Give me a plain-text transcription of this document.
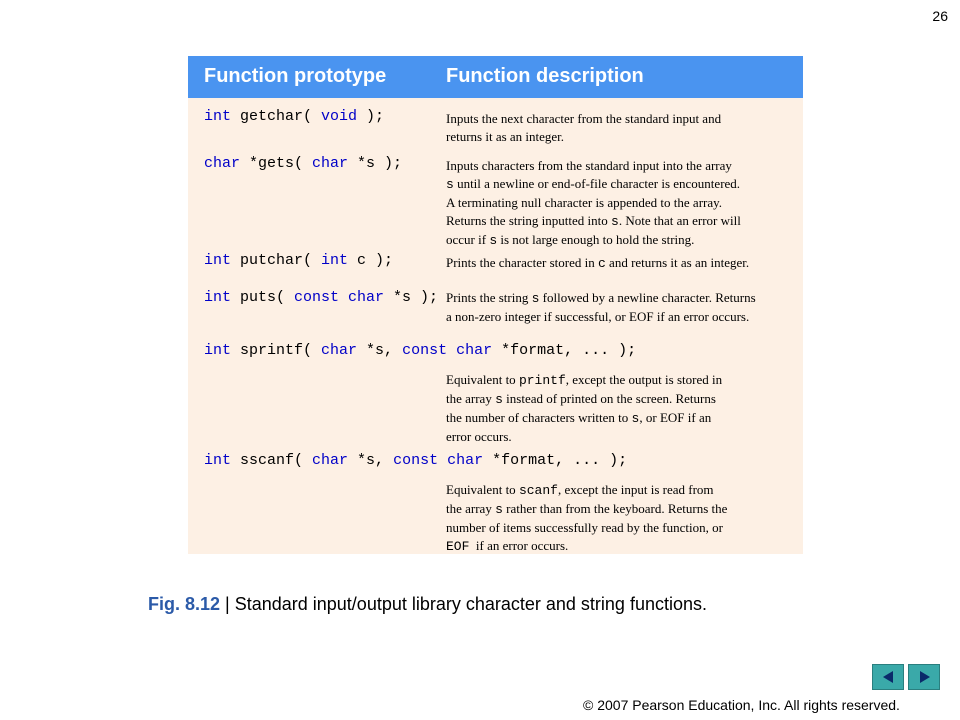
26
Function prototype	Function description
int getchar( void );	Inputs the next character from the standard input and
returns it as an integer.
char *gets( char *s );	Inputs characters from the standard input into the array
s until a newline or end-of-file character is encountered.
A terminating null character is appended to the array.
Returns the string inputted into s. Note that an error will
occur if s is not large enough to hold the string.
int putchar( int c );	Prints the character stored in c and returns it as an integer.
int puts( const char *s ); Prints the string s followed by a newline character. Returns
a non-zero integer if successful, or EOF if an error occurs.
int sprintf( char *s, const char *format, ... );
Equivalent to printf, except the output is stored in
the array s instead of printed on the screen. Returns
the number of characters written to s, or EOF if an
error occurs.
int sscanf( char *s, const char *format, ... );
Equivalent to scanf, except the input is read from
the array s rather than from the keyboard. Returns the
number of items successfully read by the function, or
EOF  if an error occurs.
Fig. 8.12 | Standard input/output library character and string functions.
© 2007 Pearson Education, Inc. All rights reserved.
